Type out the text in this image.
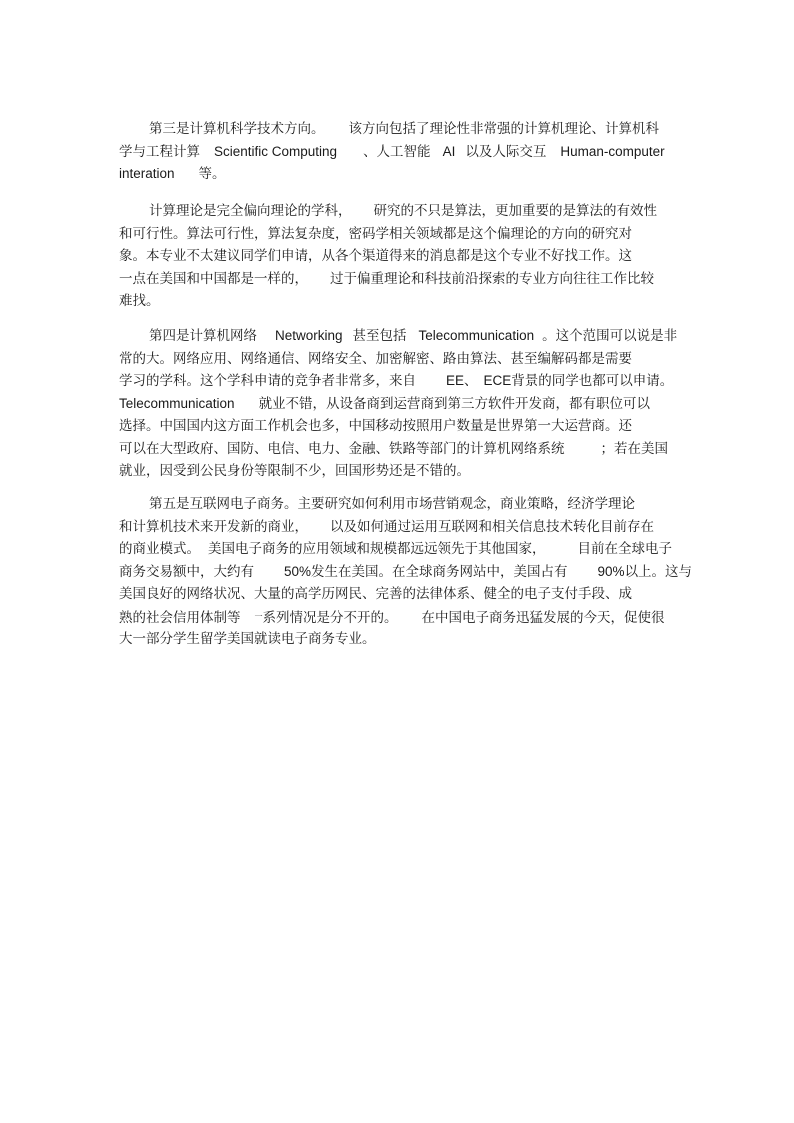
第三是计算机科学技术方向。 该方向包括了理论性非常强的计算机理论、计算机科
学与工程计算 Scientific Computing 、人工智能 AI 以及人际交互 Human-computer
interation 等。
计算理论是完全偏向理论的学科， 研究的不只是算法，更加重要的是算法的有效性
和可行性。算法可行性，算法复杂度，密码学相关领域都是这个偏理论的方向的研究对
象。本专业不太建议同学们申请，从各个渠道得来的消息都是这个专业不好找工作。这
一点在美国和中国都是一样的， 过于偏重理论和科技前沿探索的专业方向往往工作比较
难找。
第四是计算机网络 Networking 甚至包括 Telecommunication 。这个范围可以说是非
常的大。网络应用、网络通信、网络安全、加密解密、路由算法、甚至编解码都是需要
学习的学科。这个学科申请的竞争者非常多，来自 EE、 ECE背景的同学也都可以申请。
Telecommunication 就业不错，从设备商到运营商到第三方软件开发商，都有职位可以
选择。中国国内这方面工作机会也多，中国移动按照用户数量是世界第一大运营商。还
可以在大型政府、国防、电信、电力、金融、铁路等部门的计算机网络系统	；若在美国
就业，因受到公民身份等限制不少，回国形势还是不错的。
第五是互联网电子商务。主要研究如何利用市场营销观念，商业策略，经济学理论
和计算机技术来开发新的商业， 以及如何通过运用互联网和相关信息技术转化目前存在
的商业模式。 美国电子商务的应用领域和规模都远远领先于其他国家， 目前在全球电子
商务交易额中，大约有 50%发生在美国。在全球商务网站中，美国占有 90%以上。这与
美国良好的网络状况、大量的高学历网民、完善的法律体系、健全的电子支付手段、成
熟的社会信用体制等 $^一$系列情况是分不开的。 在中国电子商务迅猛发展的今天，促使很
大一部分学生留学美国就读电子商务专业。
